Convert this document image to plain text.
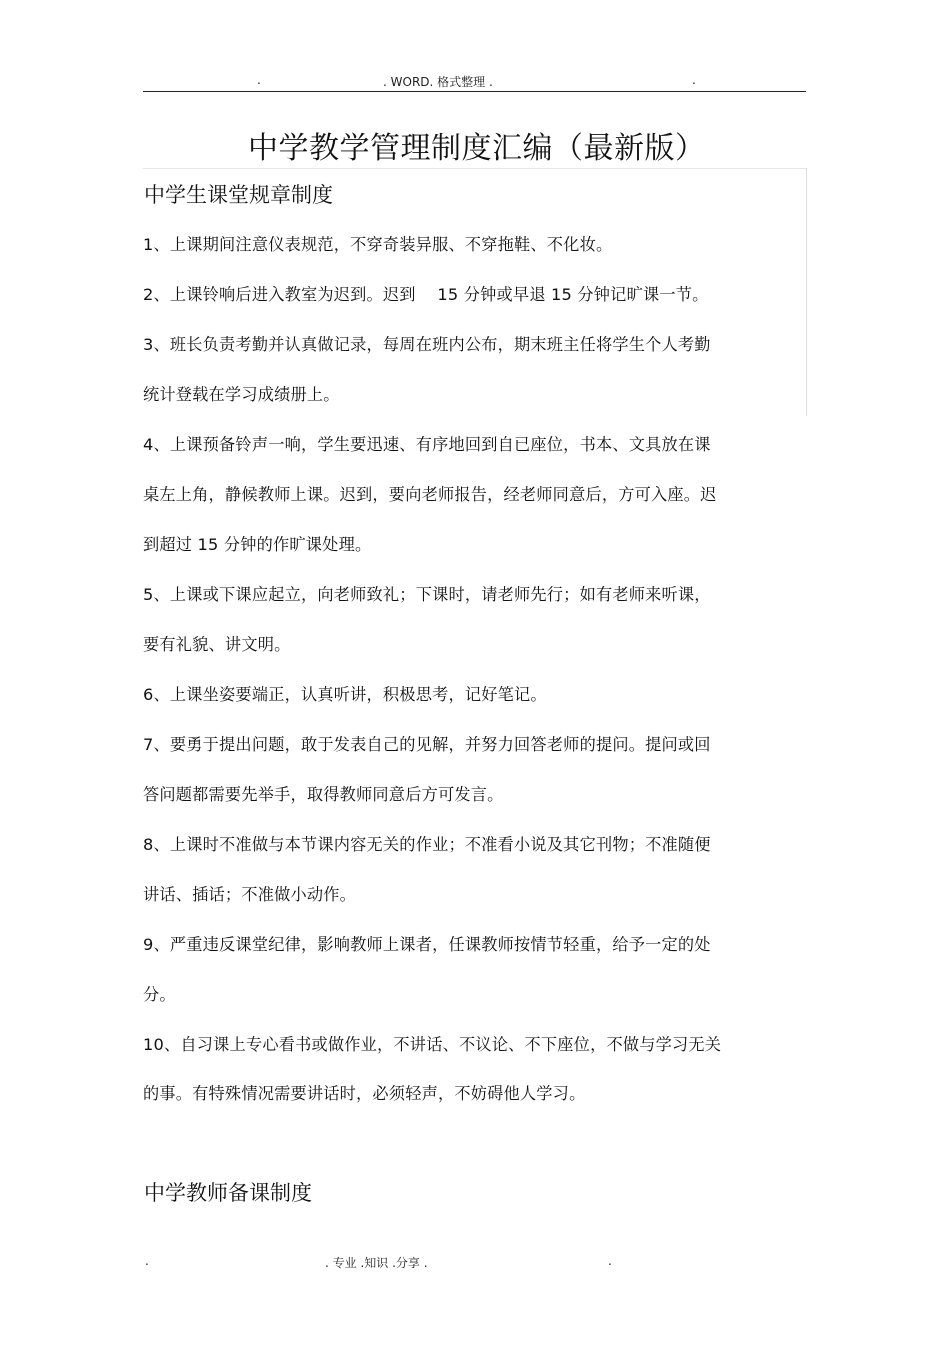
.	. WORD. 格式整理 .	.
中学教学管理制度汇编（最新版）
中学生课堂规章制度
1、上课期间注意仪表规范，不穿奇装异服、不穿拖鞋、不化妆。
2、上课铃响后进入教室为迟到。迟到　 15 分钟或早退 15 分钟记旷课一节。
3、班长负责考勤并认真做记录，每周在班内公布，期末班主任将学生个人考勤
统计登载在学习成绩册上。
4、上课预备铃声一响，学生要迅速、有序地回到自已座位，书本、文具放在课
桌左上角，静候教师上课。迟到，要向老师报告，经老师同意后，方可入座。迟
到超过 15 分钟的作旷课处理。
5、上课或下课应起立，向老师致礼；下课时，请老师先行；如有老师来听课，
要有礼貌、讲文明。
6、上课坐姿要端正，认真听讲，积极思考，记好笔记。
7、要勇于提出问题，敢于发表自己的见解，并努力回答老师的提问。提问或回
答问题都需要先举手，取得教师同意后方可发言。
8、上课时不准做与本节课内容无关的作业；不准看小说及其它刊物；不准随便
讲话、插话；不准做小动作。
9、严重违反课堂纪律，影响教师上课者，任课教师按情节轻重，给予一定的处
分。
10、自习课上专心看书或做作业，不讲话、不议论、不下座位，不做与学习无关
的事。有特殊情况需要讲话时，必须轻声，不妨碍他人学习。
中学教师备课制度
.	. 专业 .知识 .分享 .	.
